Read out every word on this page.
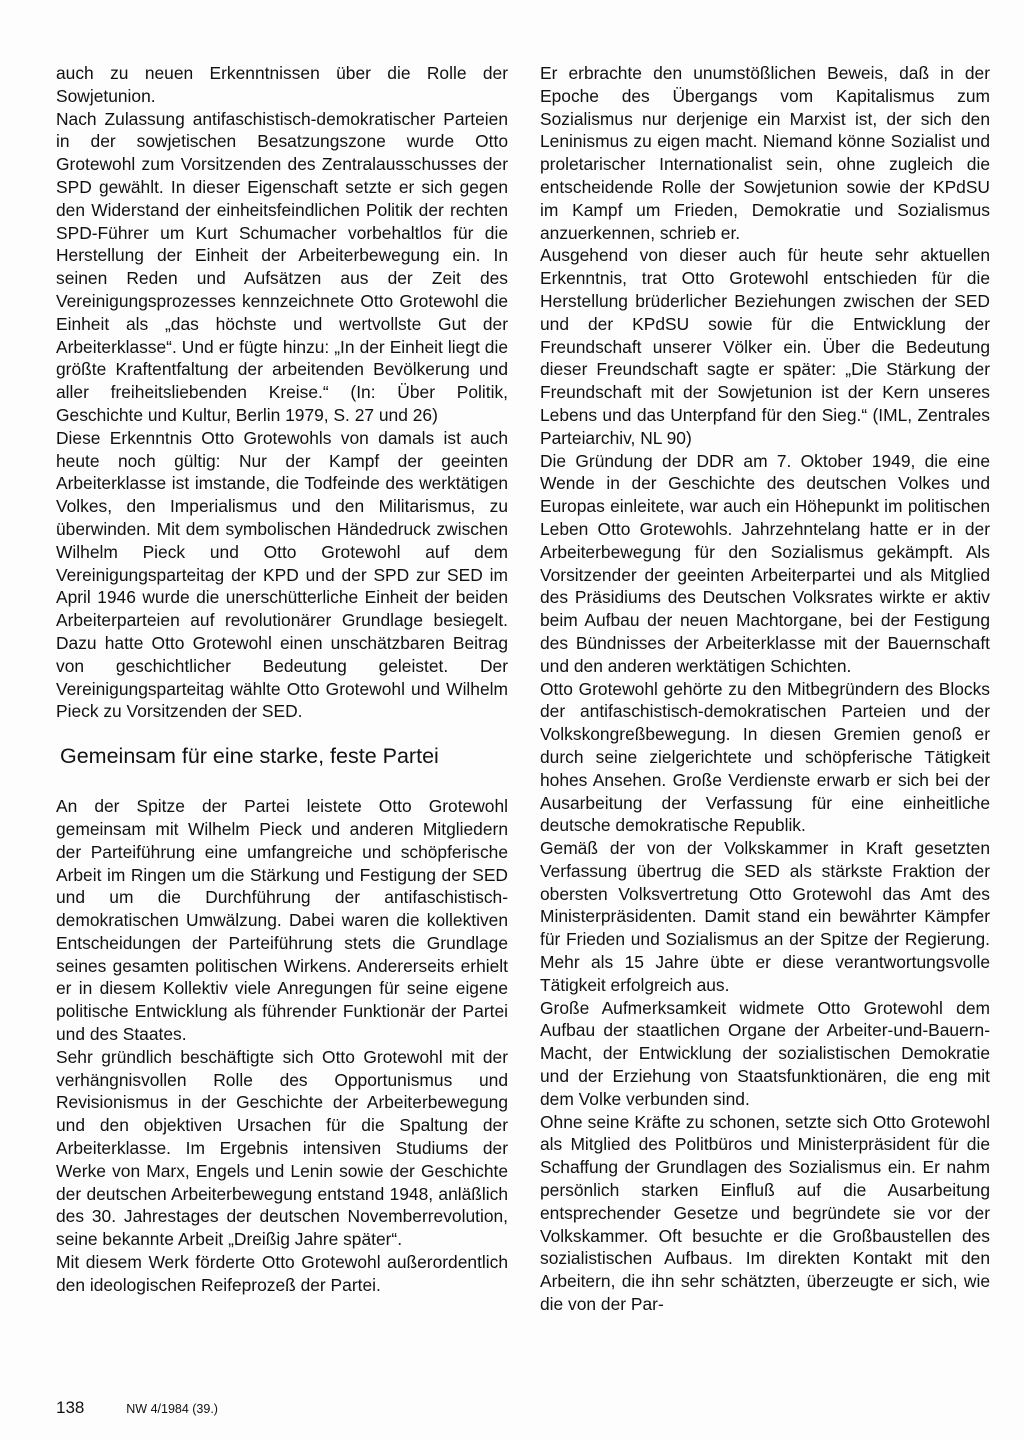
auch zu neuen Erkenntnissen über die Rolle der Sowjetunion.

Nach Zulassung antifaschistisch-demokratischer Parteien in der sowjetischen Besatzungszone wurde Otto Grotewohl zum Vorsitzenden des Zentralausschusses der SPD gewählt. In dieser Eigenschaft setzte er sich gegen den Widerstand der einheitsfeindlichen Politik der rechten SPD-Führer um Kurt Schumacher vorbehaltlos für die Herstellung der Einheit der Arbeiterbewegung ein. In seinen Reden und Aufsätzen aus der Zeit des Vereinigungsprozesses kennzeichnete Otto Grotewohl die Einheit als „das höchste und wertvollste Gut der Arbeiterklasse“. Und er fügte hinzu: „In der Einheit liegt die größte Kraftentfaltung der arbeitenden Bevölkerung und aller freiheitsliebenden Kreise.“ (In: Über Politik, Geschichte und Kultur, Berlin 1979, S. 27 und 26)

Diese Erkenntnis Otto Grotewohls von damals ist auch heute noch gültig: Nur der Kampf der geeinten Arbeiterklasse ist imstande, die Todfeinde des werktätigen Volkes, den Imperialismus und den Militarismus, zu überwinden. Mit dem symbolischen Händedruck zwischen Wilhelm Pieck und Otto Grotewohl auf dem Vereinigungsparteitag der KPD und der SPD zur SED im April 1946 wurde die unerschütterliche Einheit der beiden Arbeiterparteien auf revolutionärer Grundlage besiegelt. Dazu hatte Otto Grotewohl einen unschätzbaren Beitrag von geschichtlicher Bedeutung geleistet. Der Vereinigungsparteitag wählte Otto Grotewohl und Wilhelm Pieck zu Vorsitzenden der SED.

Gemeinsam für eine starke, feste Partei

An der Spitze der Partei leistete Otto Grotewohl gemeinsam mit Wilhelm Pieck und anderen Mitgliedern der Parteiführung eine umfangreiche und schöpferische Arbeit im Ringen um die Stärkung und Festigung der SED und um die Durchführung der antifaschistisch-demokratischen Umwälzung. Dabei waren die kollektiven Entscheidungen der Parteiführung stets die Grundlage seines gesamten politischen Wirkens. Andererseits erhielt er in diesem Kollektiv viele Anregungen für seine eigene politische Entwicklung als führender Funktionär der Partei und des Staates.

Sehr gründlich beschäftigte sich Otto Grotewohl mit der verhängnisvollen Rolle des Opportunismus und Revisionismus in der Geschichte der Arbeiterbewegung und den objektiven Ursachen für die Spaltung der Arbeiterklasse. Im Ergebnis intensiven Studiums der Werke von Marx, Engels und Lenin sowie der Geschichte der deutschen Arbeiterbewegung entstand 1948, anläßlich des 30. Jahrestages der deutschen Novemberrevolution, seine bekannte Arbeit „Dreißig Jahre später“.

Mit diesem Werk förderte Otto Grotewohl außerordentlich den ideologischen Reifeprozeß der Partei.

Er erbrachte den unumstößlichen Beweis, daß in der Epoche des Übergangs vom Kapitalismus zum Sozialismus nur derjenige ein Marxist ist, der sich den Leninismus zu eigen macht. Niemand könne Sozialist und proletarischer Internationalist sein, ohne zugleich die entscheidende Rolle der Sowjetunion sowie der KPdSU im Kampf um Frieden, Demokratie und Sozialismus anzuerkennen, schrieb er.

Ausgehend von dieser auch für heute sehr aktuellen Erkenntnis, trat Otto Grotewohl entschieden für die Herstellung brüderlicher Beziehungen zwischen der SED und der KPdSU sowie für die Entwicklung der Freundschaft unserer Völker ein. Über die Bedeutung dieser Freundschaft sagte er später: „Die Stärkung der Freundschaft mit der Sowjetunion ist der Kern unseres Lebens und das Unterpfand für den Sieg.“ (IML, Zentrales Parteiarchiv, NL 90)

Die Gründung der DDR am 7. Oktober 1949, die eine Wende in der Geschichte des deutschen Volkes und Europas einleitete, war auch ein Höhepunkt im politischen Leben Otto Grotewohls. Jahrzehntelang hatte er in der Arbeiterbewegung für den Sozialismus gekämpft. Als Vorsitzender der geeinten Arbeiterpartei und als Mitglied des Präsidiums des Deutschen Volksrates wirkte er aktiv beim Aufbau der neuen Machtorgane, bei der Festigung des Bündnisses der Arbeiterklasse mit der Bauernschaft und den anderen werktätigen Schichten.

Otto Grotewohl gehörte zu den Mitbegründern des Blocks der antifaschistisch-demokratischen Parteien und der Volkskongreßbewegung. In diesen Gremien genoß er durch seine zielgerichtete und schöpferische Tätigkeit hohes Ansehen. Große Verdienste erwarb er sich bei der Ausarbeitung der Verfassung für eine einheitliche deutsche demokratische Republik.

Gemäß der von der Volkskammer in Kraft gesetzten Verfassung übertrug die SED als stärkste Fraktion der obersten Volksvertretung Otto Grotewohl das Amt des Ministerpräsidenten. Damit stand ein bewährter Kämpfer für Frieden und Sozialismus an der Spitze der Regierung. Mehr als 15 Jahre übte er diese verantwortungsvolle Tätigkeit erfolgreich aus.

Große Aufmerksamkeit widmete Otto Grotewohl dem Aufbau der staatlichen Organe der Arbeiter-und-Bauern-Macht, der Entwicklung der sozialistischen Demokratie und der Erziehung von Staatsfunktionären, die eng mit dem Volke verbunden sind.

Ohne seine Kräfte zu schonen, setzte sich Otto Grotewohl als Mitglied des Politbüros und Ministerpräsident für die Schaffung der Grundlagen des Sozialismus ein. Er nahm persönlich starken Einfluß auf die Ausarbeitung entsprechender Gesetze und begründete sie vor der Volkskammer. Oft besuchte er die Großbaustellen des sozialistischen Aufbaus. Im direkten Kontakt mit den Arbeitern, die ihn sehr schätzten, überzeugte er sich, wie die von der Par-

138	NW 4/1984 (39.)
